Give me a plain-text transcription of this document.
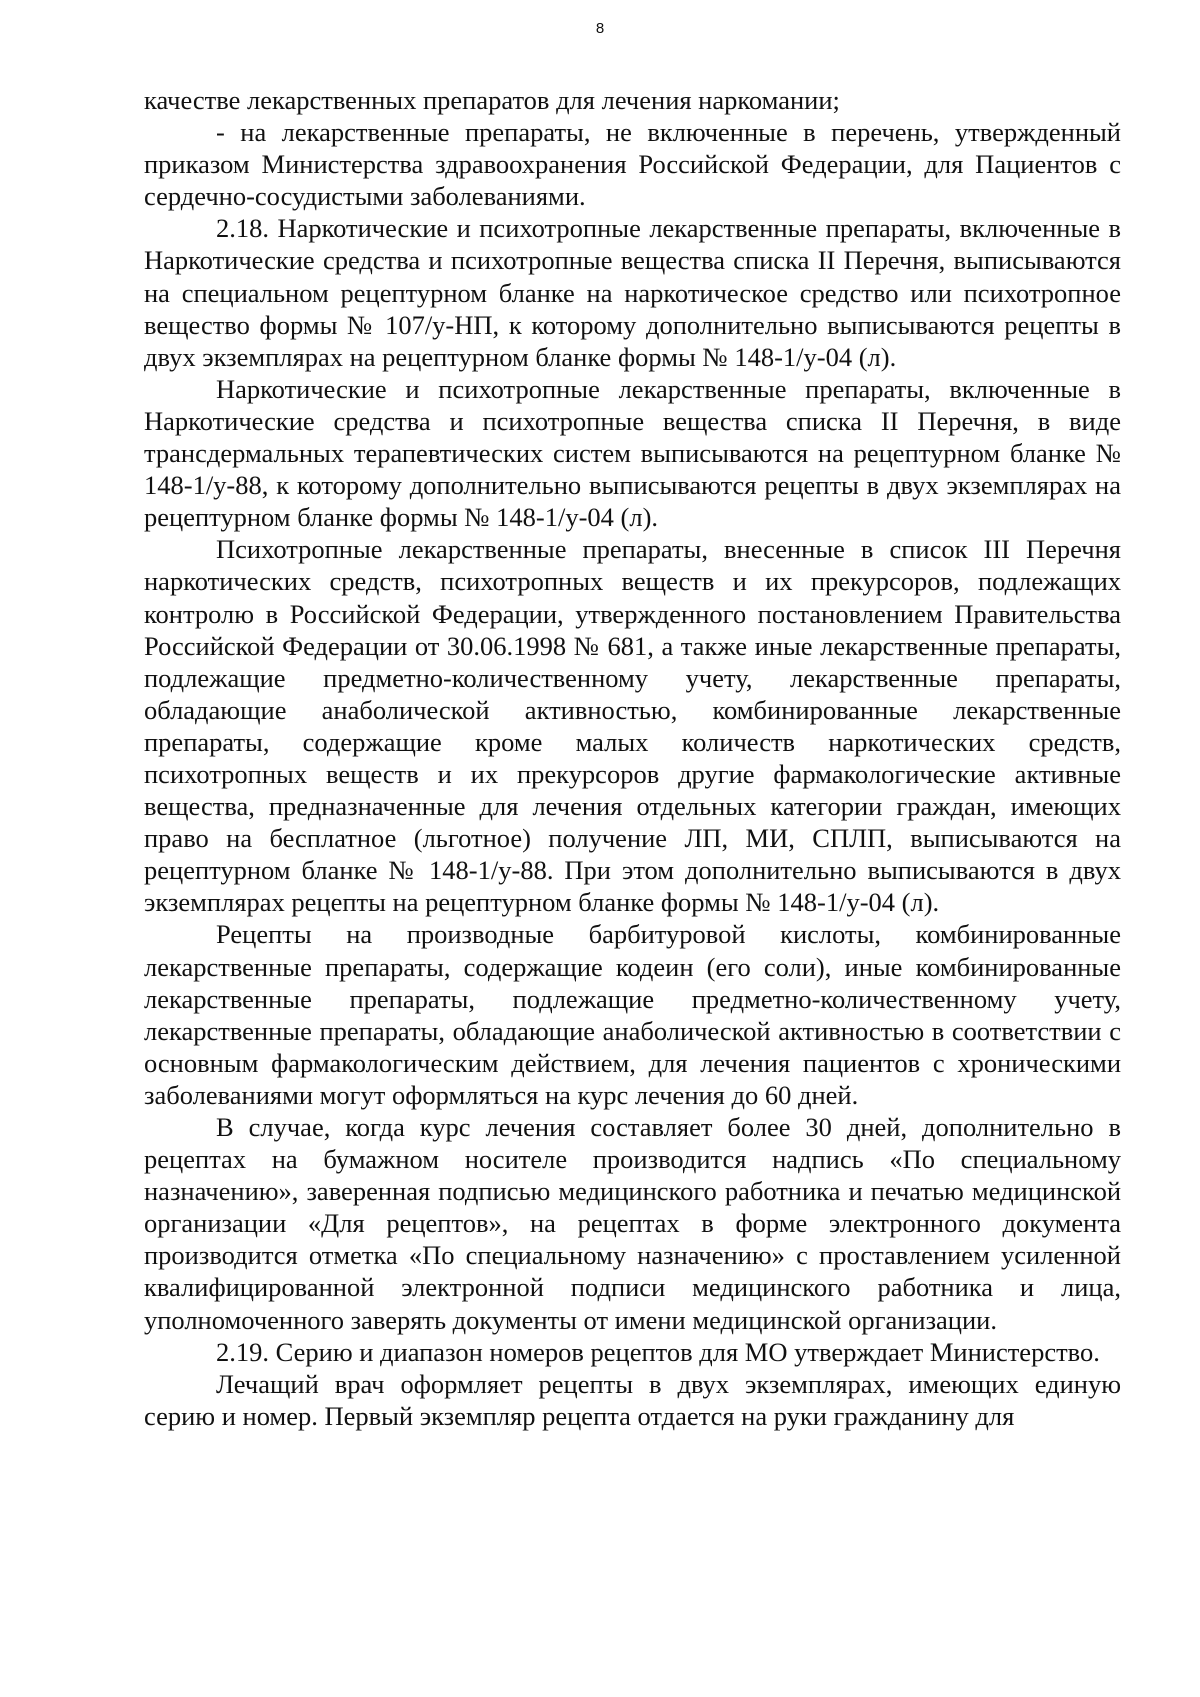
8

качестве лекарственных препаратов для лечения наркомании;

- на лекарственные препараты, не включенные в перечень, утвержденный приказом Министерства здравоохранения Российской Федерации, для Пациентов с сердечно-сосудистыми заболеваниями.

2.18. Наркотические и психотропные лекарственные препараты, включенные в Наркотические средства и психотропные вещества списка II Перечня, выписываются на специальном рецептурном бланке на наркотическое средство или психотропное вещество формы № 107/у-НП, к которому дополнительно выписываются рецепты в двух экземплярах на рецептурном бланке формы № 148-1/у-04 (л).

Наркотические и психотропные лекарственные препараты, включенные в Наркотические средства и психотропные вещества списка II Перечня, в виде трансдермальных терапевтических систем выписываются на рецептурном бланке № 148-1/у-88, к которому дополнительно выписываются рецепты в двух экземплярах на рецептурном бланке формы № 148-1/у-04 (л).

Психотропные лекарственные препараты, внесенные в список III Перечня наркотических средств, психотропных веществ и их прекурсоров, подлежащих контролю в Российской Федерации, утвержденного постановлением Правительства Российской Федерации от 30.06.1998 № 681, а также иные лекарственные препараты, подлежащие предметно-количественному учету, лекарственные препараты, обладающие анаболической активностью, комбинированные лекарственные препараты, содержащие кроме малых количеств наркотических средств, психотропных веществ и их прекурсоров другие фармакологические активные вещества, предназначенные для лечения отдельных категории граждан, имеющих право на бесплатное (льготное) получение ЛП, МИ, СПЛП, выписываются на рецептурном бланке № 148-1/у-88. При этом дополнительно выписываются в двух экземплярах рецепты на рецептурном бланке формы № 148-1/у-04 (л).

Рецепты на производные барбитуровой кислоты, комбинированные лекарственные препараты, содержащие кодеин (его соли), иные комбинированные лекарственные препараты, подлежащие предметно-количественному учету, лекарственные препараты, обладающие анаболической активностью в соответствии с основным фармакологическим действием, для лечения пациентов с хроническими заболеваниями могут оформляться на курс лечения до 60 дней.

В случае, когда курс лечения составляет более 30 дней, дополнительно в рецептах на бумажном носителе производится надпись «По специальному назначению», заверенная подписью медицинского работника и печатью медицинской организации «Для рецептов», на рецептах в форме электронного документа производится отметка «По специальному назначению» с проставлением усиленной квалифицированной электронной подписи медицинского работника и лица, уполномоченного заверять документы от имени медицинской организации.

2.19. Серию и диапазон номеров рецептов для МО утверждает Министерство.

Лечащий врач оформляет рецепты в двух экземплярах, имеющих единую серию и номер. Первый экземпляр рецепта отдается на руки гражданину для
